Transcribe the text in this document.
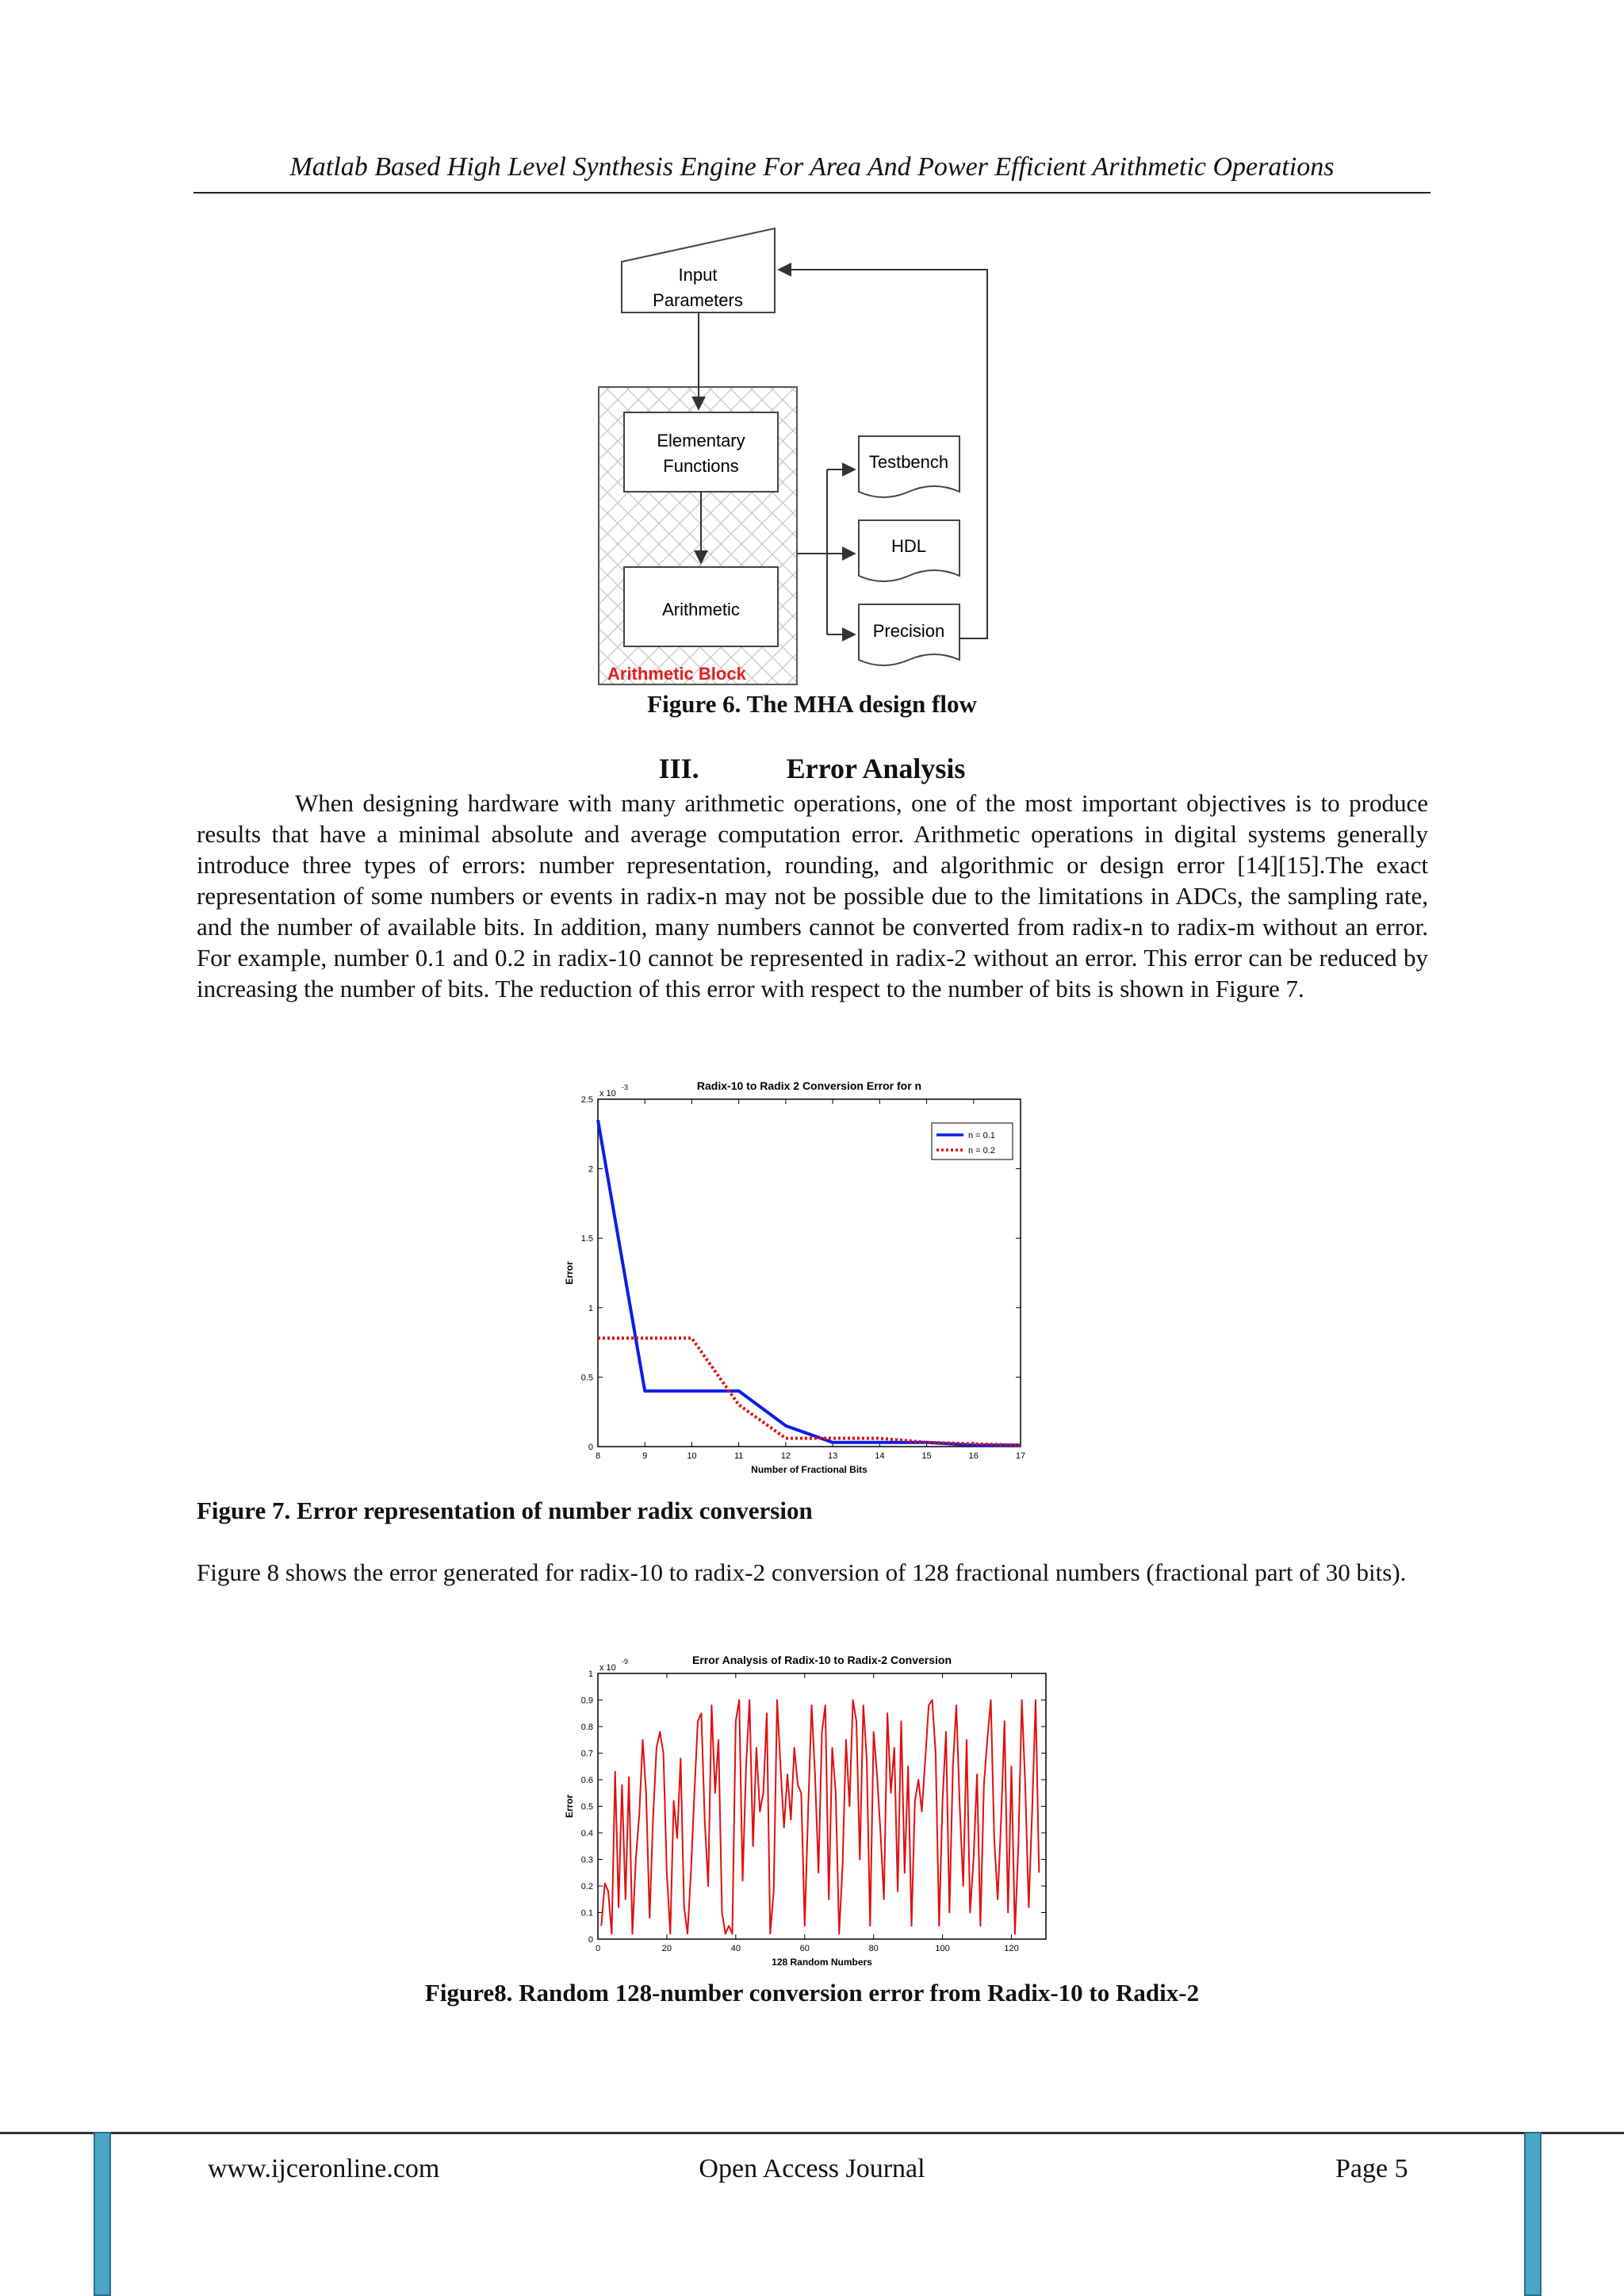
Matlab Based High Level Synthesis Engine For Area And Power Efficient Arithmetic Operations
Input
Parameters
Elementary
Functions
Arithmetic
Arithmetic Block
Testbench
HDL
Precision
Figure 6. The MHA design flow
III.	Error Analysis

When designing hardware with many arithmetic operations, one of the most important objectives is to produce results that have a minimal absolute and average computation error. Arithmetic operations in digital systems generally introduce three types of errors: number representation, rounding, and algorithmic or design error [14][15].The exact representation of some numbers or events in radix-n may not be possible due to the limitations in ADCs, the sampling rate, and the number of available bits. In addition, many numbers cannot be converted from radix-n to radix-m without an error. For example, number 0.1 and 0.2 in radix-10 cannot be represented in radix-2 without an error. This error can be reduced by increasing the number of bits. The reduction of this error with respect to the number of bits is shown in Figure 7.

Radix-10 to Radix 2 Conversion Error for n
0
0.5
1
1.5
2
2.5
8	9	10	11	12	13	14	15	16	17
x 10
-3
Number of Fractional Bits
Error
n = 0.1
n = 0.2
Figure 7. Error representation of number radix conversion

Figure 8 shows the error generated for radix-10 to radix-2 conversion of 128 fractional numbers (fractional part of 30 bits).

Error Analysis of Radix-10 to Radix-2 Conversion
0
0.1
0.2
0.3
0.4
0.5
0.6
0.7
0.8
0.9
1
0	20	40	60	80	100	120
x 10
-9
128 Random Numbers
Error
Figure8. Random 128-number conversion error from Radix-10 to Radix-2
www.ijceronline.com	Open Access Journal	Page 5
